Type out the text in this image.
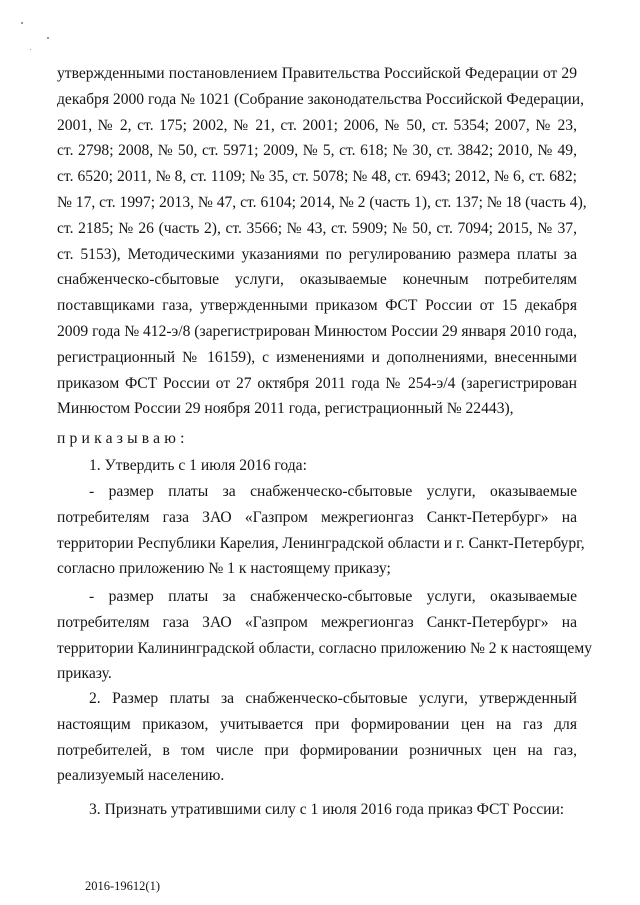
утвержденными постановлением Правительства Российской Федерации от 29
декабря 2000 года № 1021 (Собрание законодательства Российской Федерации,
2001, № 2, ст. 175; 2002, № 21, ст. 2001; 2006, № 50, ст. 5354; 2007, № 23,
ст. 2798; 2008, № 50, ст. 5971; 2009, № 5, ст. 618; № 30, ст. 3842; 2010, № 49,
ст. 6520; 2011, № 8, ст. 1109; № 35, ст. 5078; № 48, ст. 6943; 2012, № 6, ст. 682;
№ 17, ст. 1997; 2013, № 47, ст. 6104; 2014, № 2 (часть 1), ст. 137; № 18 (часть 4),
ст. 2185; № 26 (часть 2), ст. 3566; № 43, ст. 5909; № 50, ст. 7094; 2015, № 37,
ст. 5153), Методическими указаниями по регулированию размера платы за
снабженческо-сбытовые услуги, оказываемые конечным потребителям
поставщиками газа, утвержденными приказом ФСТ России от 15 декабря
2009 года № 412-э/8 (зарегистрирован Минюстом России 29 января 2010 года,
регистрационный № 16159), с изменениями и дополнениями, внесенными
приказом ФСТ России от 27 октября 2011 года № 254-э/4 (зарегистрирован
Минюстом России 29 ноября 2011 года, регистрационный № 22443),
приказываю:
1. Утвердить с 1 июля 2016 года:
- размер платы за снабженческо-сбытовые услуги, оказываемые
потребителям газа ЗАО «Газпром межрегионгаз Санкт-Петербург» на
территории Республики Карелия, Ленинградской области и г. Санкт-Петербург,
согласно приложению № 1 к настоящему приказу;
- размер платы за снабженческо-сбытовые услуги, оказываемые
потребителям газа ЗАО «Газпром межрегионгаз Санкт-Петербург» на
территории Калининградской области, согласно приложению № 2 к настоящему
приказу.
2. Размер платы за снабженческо-сбытовые услуги, утвержденный
настоящим приказом, учитывается при формировании цен на газ для
потребителей, в том числе при формировании розничных цен на газ,
реализуемый населению.
3. Признать утратившими силу с 1 июля 2016 года приказ ФСТ России:
2016-19612(1)
